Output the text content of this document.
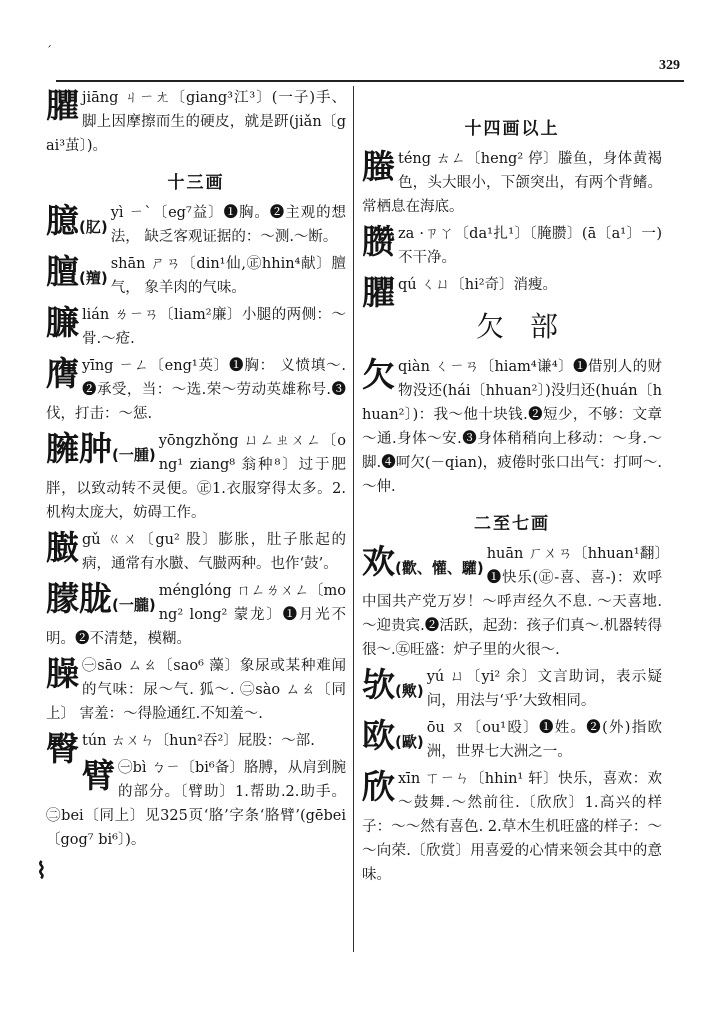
ˊ
⌇
329
臞jiāng ㄐㄧㄤ〔giang³江³〕(一子)手、脚上因摩擦而生的硬皮，就是趼(jiǎn〔gai³茧〕)。
十三画
臆(肊)
yì ㄧˋ〔eg⁷益〕❶胸。❷主观的想法， 缺乏客观证据的：～测.～断。
膻(羶)
shān ㄕㄢ〔din¹仙,㊣hhin⁴献〕膻气， 象羊肉的气味。
臁lián ㄌㄧㄢ〔liam²廉〕小腿的两侧：～骨.～疮.
膺yīng ㄧㄥ〔eng¹英〕❶胸： 义愤填～.❷承受，当：～选.荣～劳动英雄称号.❸伐，打击：～惩.
臃肿(一腫)
yōngzhǒng ㄩㄥㄓㄨㄥ〔ong¹ ziang⁸ 翁种⁸〕过于肥胖，以致动转不灵便。㊣1.衣服穿得太多。2.机构太庞大，妨碍工作。
臌gǔ ㄍㄨ〔gu² 股〕膨胀，肚子胀起的病，通常有水臌、气臌两种。也作‘鼓’。
朦胧(一朧)
ménglóng ㄇㄥㄌㄨㄥ〔mong² long² 蒙龙〕❶月光不明。❷不清楚，模糊。
臊 ㊀sāo ㄙㄠ〔sao⁶ 藻〕象尿或某种难闻的气味：尿～气. 狐～. ㊁sào ㄙㄠ〔同上〕 害羞：～得脸通红.不知羞～.
臀tún ㄊㄨㄣ〔hun²吞²〕屁股：～部.
臂 ㊀bì ㄅㄧ〔bi⁶备〕胳膊，从肩到腕的部分。〔臂助〕1.帮助.2.助手。 ㊁bei〔同上〕见325页‘胳’字条‘胳臂’(gēbei〔gog⁷ bi⁶〕)。
十四画以上
螣téng ㄊㄥ〔heng² 停〕螣鱼，身体黄褐色，头大眼小，下颌突出，有两个背鳍。常栖息在海底。
臜za ·ㄗㄚ〔da¹扎¹〕〔腌臜〕(ā〔a¹〕一)不干净。
臞qú ㄑㄩ〔hi²奇〕消瘦。
欠部
欠qiàn ㄑㄧㄢ〔hiam⁴谦⁴〕❶借别人的财物没还(hái〔hhuan²〕)没归还(huán〔hhuan²〕)：我～他十块钱.❷短少，不够：文章～通.身体～安.❸身体稍稍向上移动：～身.～脚.❹呵欠(－qian)，疲倦时张口出气：打呵～.～伸.
二至七画
欢(歡、懽、驩)
huān ㄏㄨㄢ〔hhuan¹翻〕❶快乐(㊣-喜、喜-)：欢呼中国共产党万岁！～呼声经久不息. ～天喜地. ～迎贵宾.❷活跃，起劲：孩子们真～.机器转得很～.㊄旺盛：炉子里的火很～.
欤(歟)
yú ㄩ〔yi² 余〕文言助词，表示疑问，用法与‘乎’大致相同。
欧(歐)
ōu ㄡ〔ou¹殴〕❶姓。❷(外)指欧洲，世界七大洲之一。
欣xīn ㄒㄧㄣ〔hhin¹ 轩〕快乐，喜欢：欢～鼓舞.～然前往.〔欣欣〕1.高兴的样子：～～然有喜色. 2.草木生机旺盛的样子：～～向荣.〔欣赏〕用喜爱的心情来领会其中的意味。
